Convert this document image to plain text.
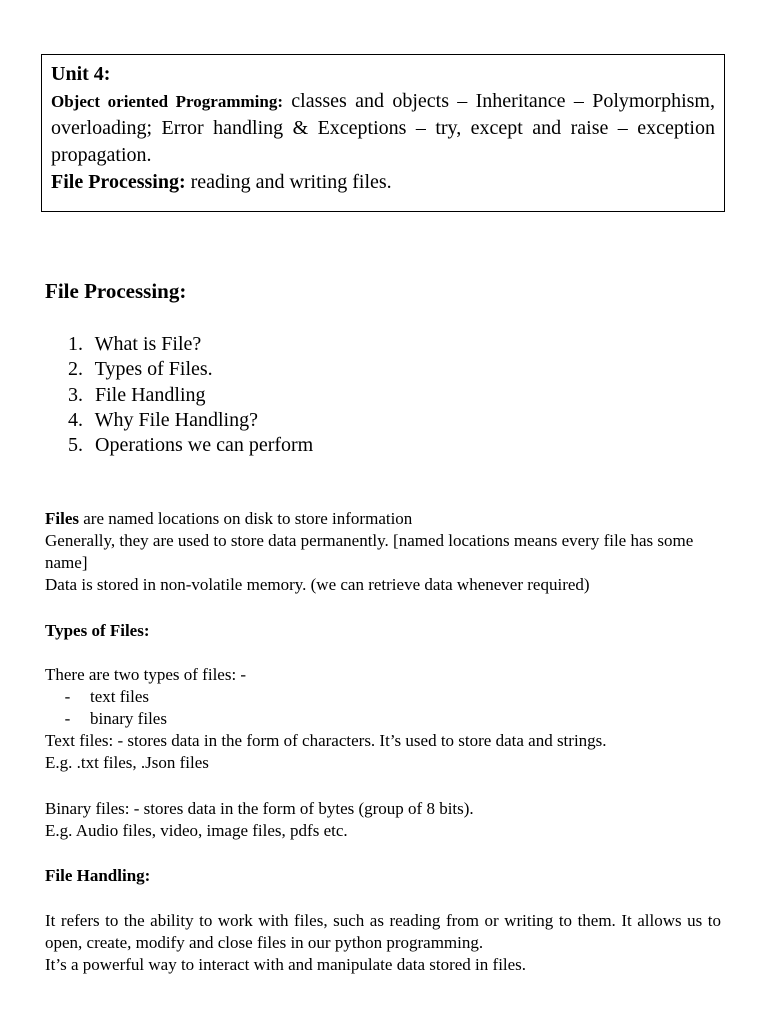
Unit 4:
Object oriented Programming: classes and objects – Inheritance – Polymorphism, overloading; Error handling & Exceptions – try, except and raise – exception propagation.
File Processing: reading and writing files.
File Processing:
1. What is File?
2. Types of Files.
3. File Handling
4. Why File Handling?
5. Operations we can perform
Files are named locations on disk to store information
Generally, they are used to store data permanently. [named locations means every file has some name]
Data is stored in non-volatile memory. (we can retrieve data whenever required)
Types of Files:
There are two types of files: -
- text files
- binary files
Text files: - stores data in the form of characters. It’s used to store data and strings.
E.g. .txt files, .Json files
Binary files: - stores data in the form of bytes (group of 8 bits).
E.g. Audio files, video, image files, pdfs etc.
File Handling:
It refers to the ability to work with files, such as reading from or writing to them. It allows us to open, create, modify and close files in our python programming.
It’s a powerful way to interact with and manipulate data stored in files.
